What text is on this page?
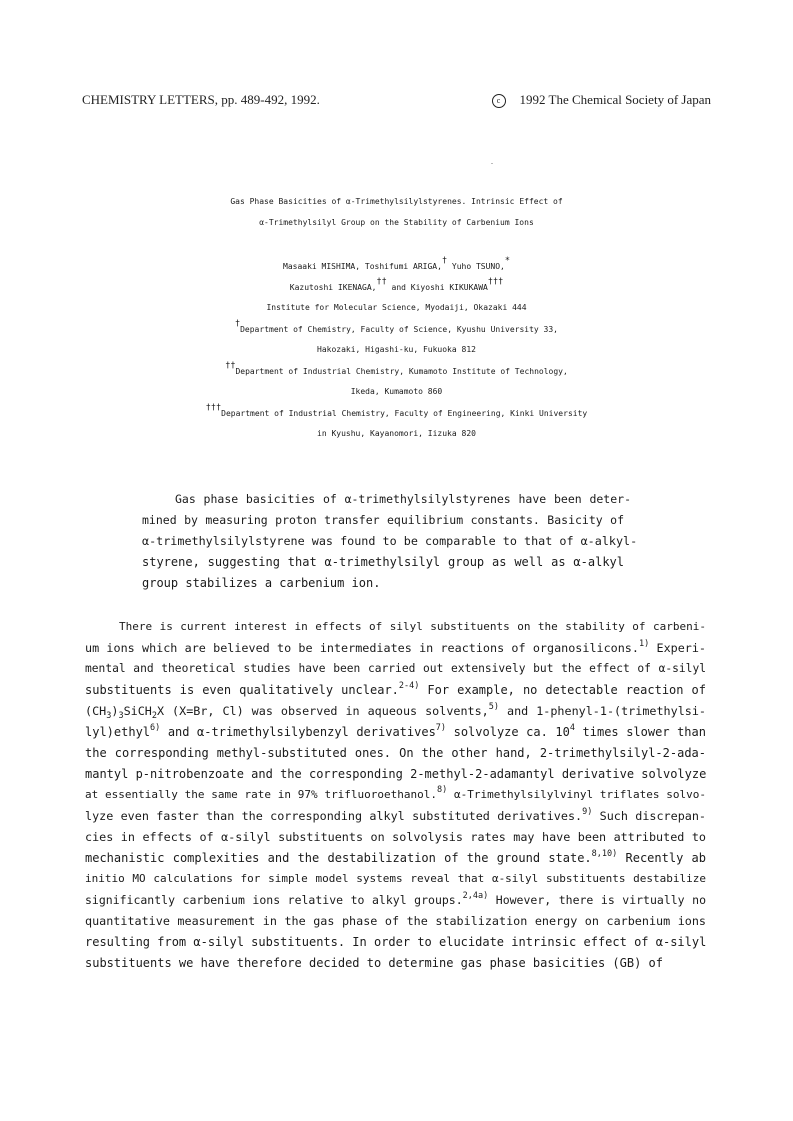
CHEMISTRY LETTERS, pp. 489-492, 1992.	c 1992 The Chemical Society of Japan
Gas Phase Basicities of α-Trimethylsilylstyrenes. Intrinsic Effect of
α-Trimethylsilyl Group on the Stability of Carbenium Ions
Masaaki MISHIMA, Toshifumi ARIGA,† Yuho TSUNO,*
Kazutoshi IKENAGA,†† and Kiyoshi KIKUKAWA†††
Institute for Molecular Science, Myodaiji, Okazaki 444
†Department of Chemistry, Faculty of Science, Kyushu University 33,
Hakozaki, Higashi-ku, Fukuoka 812
††Department of Industrial Chemistry, Kumamoto Institute of Technology,
Ikeda, Kumamoto 860
†††Department of Industrial Chemistry, Faculty of Engineering, Kinki University
in Kyushu, Kayanomori, Iizuka 820
Gas phase basicities of α-trimethylsilylstyrenes have been deter-
mined by measuring proton transfer equilibrium constants. Basicity of
α-trimethylsilylstyrene was found to be comparable to that of α-alkyl-
styrene, suggesting that α-trimethylsilyl group as well as α-alkyl
group stabilizes a carbenium ion.
There is current interest in effects of silyl substituents on the stability of carbeni-
um ions which are believed to be intermediates in reactions of organosilicons.$^{1)}$ Experi-
mental and theoretical studies have been carried out extensively but the effect of α-silyl
substituents is even qualitatively unclear.$^{2-4)}$ For example, no detectable reaction of
$(CH_3)_3SiCH_2X$ (X=Br, Cl) was observed in aqueous solvents,$^{5)}$ and 1-phenyl-1-(trimethylsi-
lyl)ethyl$^{6)}$ and α-trimethylsilybenzyl derivatives$^{7)}$ solvolyze ca. $10^4$ times slower than
the corresponding methyl-substituted ones. On the other hand, 2-trimethylsilyl-2-ada-
mantyl p-nitrobenzoate and the corresponding 2-methyl-2-adamantyl derivative solvolyze
at essentially the same rate in 97% trifluoroethanol.$^{8)}$ α-Trimethylsilylvinyl triflates solvo-
lyze even faster than the corresponding alkyl substituted derivatives.$^{9)}$ Such discrepan-
cies in effects of α-silyl substituents on solvolysis rates may have been attributed to
mechanistic complexities and the destabilization of the ground state.$^{8,10)}$ Recently ab
initio MO calculations for simple model systems reveal that α-silyl substituents destabilize
significantly carbenium ions relative to alkyl groups.$^{2,4a)}$ However, there is virtually no
quantitative measurement in the gas phase of the stabilization energy on carbenium ions
resulting from α-silyl substituents. In order to elucidate intrinsic effect of α-silyl
substituents we have therefore decided to determine gas phase basicities (GB) of
